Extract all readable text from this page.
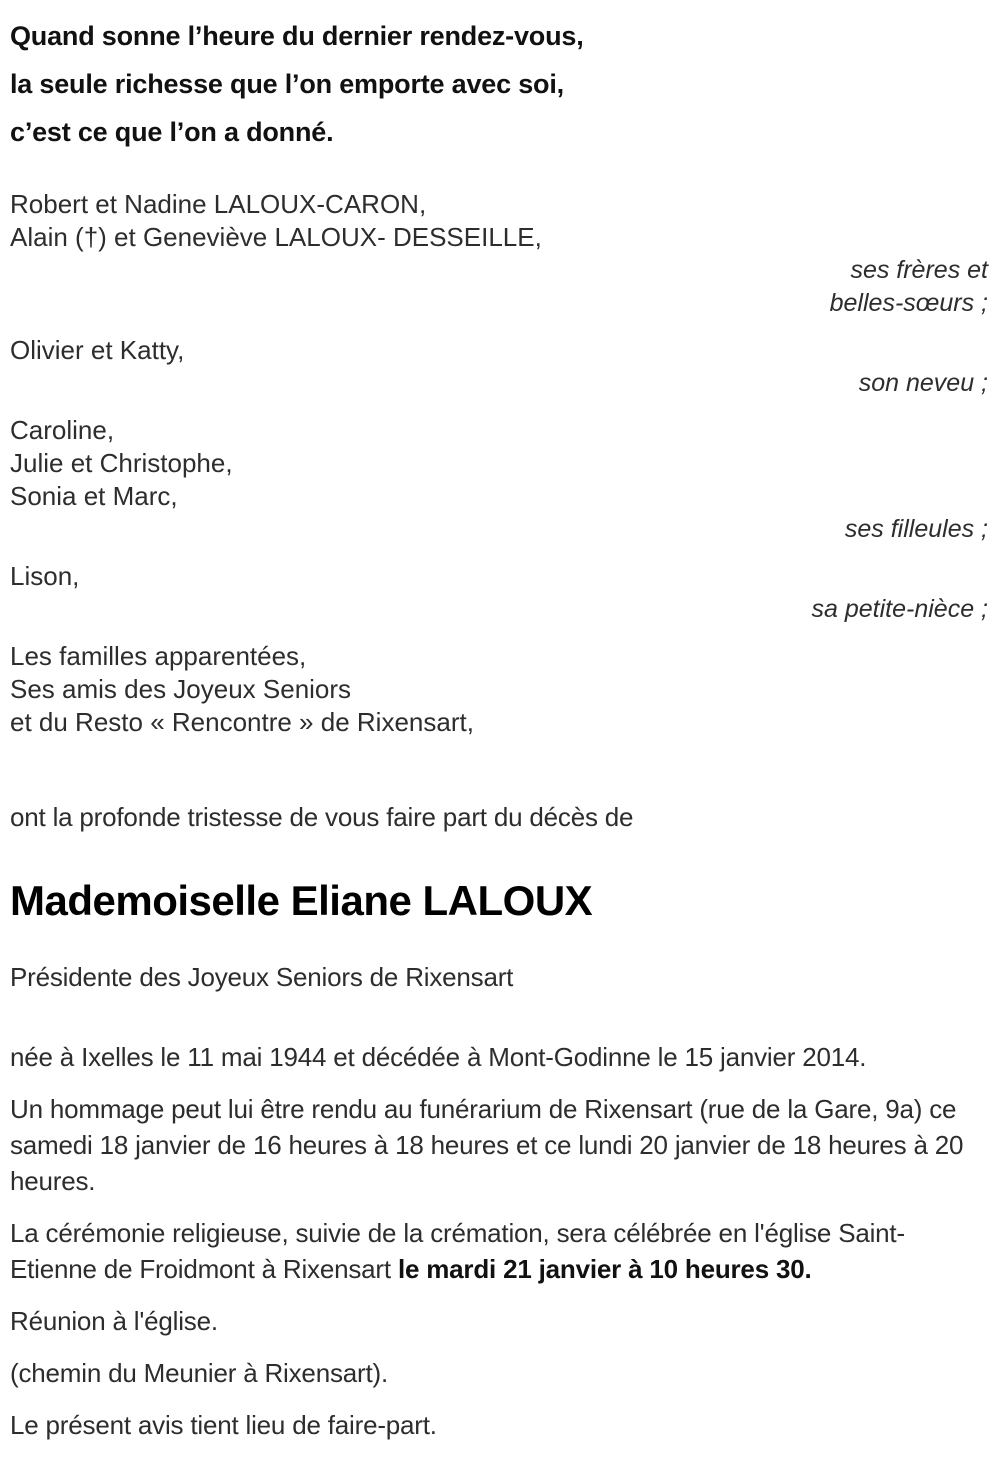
Quand sonne l’heure du dernier rendez-vous,
la seule richesse que l’on emporte avec soi,
c’est ce que l’on a donné.
Robert et Nadine LALOUX-CARON,
Alain (†) et Geneviève LALOUX- DESSEILLE,
ses frères et
belles-sœurs ;
Olivier et Katty,
son neveu ;
Caroline,
Julie et Christophe,
Sonia et Marc,
ses filleules ;
Lison,
sa petite-nièce ;
Les familles apparentées,
Ses amis des Joyeux Seniors
et du Resto « Rencontre » de Rixensart,

ont la profonde tristesse de vous faire part du décès de

Mademoiselle Eliane LALOUX

Présidente des Joyeux Seniors de Rixensart

née à Ixelles le 11 mai 1944 et décédée à Mont-Godinne le 15 janvier 2014.

Un hommage peut lui être rendu au funérarium de Rixensart (rue de la Gare, 9a) ce samedi 18 janvier de 16 heures à 18 heures et ce lundi 20 janvier de 18 heures à 20 heures.

La cérémonie religieuse, suivie de la crémation, sera célébrée en l'église Saint-Etienne de Froidmont à Rixensart le mardi 21 janvier à 10 heures 30.

Réunion à l'église.

(chemin du Meunier à Rixensart).

Le présent avis tient lieu de faire-part.
